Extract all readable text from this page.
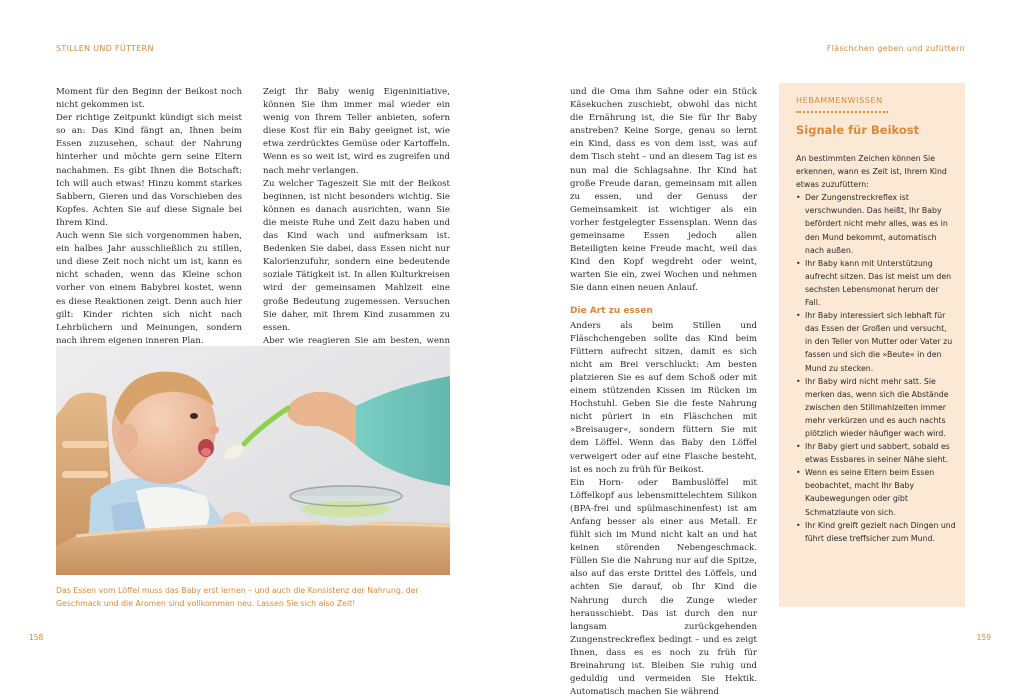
STILLEN UND FÜTTERN	Fläschchen geben und zufüttern

Moment für den Beginn der Beikost noch nicht gekommen ist.

Der richtige Zeitpunkt kündigt sich meist so an: Das Kind fängt an, Ihnen beim Essen zuzusehen, schaut der Nahrung hinterher und möchte gern seine Eltern nachahmen. Es gibt Ihnen die Botschaft: Ich will auch etwas! Hinzu kommt starkes Sabbern, Gieren und das Vorschieben des Kopfes. Achten Sie auf diese Signale bei Ihrem Kind.

Auch wenn Sie sich vorgenommen haben, ein halbes Jahr ausschließlich zu stillen, und diese Zeit noch nicht um ist, kann es nicht schaden, wenn das Kleine schon vorher von einem Babybrei kostet, wenn es diese Reaktionen zeigt. Denn auch hier gilt: Kinder richten sich nicht nach Lehrbüchern und Meinungen, sondern nach ihrem eigenen inneren Plan.

Zeigt Ihr Baby wenig Eigeninitiative, können Sie ihm immer mal wieder ein wenig von Ihrem Teller anbieten, sofern diese Kost für ein Baby geeignet ist, wie etwa zerdrücktes Gemüse oder Kartoffeln. Wenn es so weit ist, wird es zugreifen und nach mehr verlangen.

Zu welcher Tageszeit Sie mit der Beikost beginnen, ist nicht besonders wichtig. Sie können es danach ausrichten, wann Sie die meiste Ruhe und Zeit dazu haben und das Kind wach und aufmerksam ist. Bedenken Sie dabei, dass Essen nicht nur Kalorienzufuhr, sondern eine bedeutende soziale Tätigkeit ist. In allen Kulturkreisen wird der gemeinsamen Mahlzeit eine große Bedeutung zugemessen. Versuchen Sie daher, mit Ihrem Kind zusammen zu essen.

Aber wie reagieren Sie am besten, wenn

Das Essen vom Löffel muss das Baby erst lernen – und auch die Konsistenz der Nahrung, der Geschmack und die Aromen sind vollkommen neu. Lassen Sie sich also Zeit!

und die Oma ihm Sahne oder ein Stück Käsekuchen zuschiebt, obwohl das nicht die Ernährung ist, die Sie für Ihr Baby anstreben? Keine Sorge, genau so lernt ein Kind, dass es von dem isst, was auf dem Tisch steht – und an diesem Tag ist es nun mal die Schlagsahne. Ihr Kind hat große Freude daran, gemeinsam mit allen zu essen, und der Genuss der Gemeinsamkeit ist wichtiger als ein vorher festgelegter Essensplan. Wenn das gemeinsame Essen jedoch allen Beteiligten keine Freude macht, weil das Kind den Kopf wegdreht oder weint, warten Sie ein, zwei Wochen und nehmen Sie dann einen neuen Anlauf.

Die Art zu essen

Anders als beim Stillen und Fläschchengeben sollte das Kind beim Füttern aufrecht sitzen, damit es sich nicht am Brei verschluckt: Am besten platzieren Sie es auf dem Schoß oder mit einem stützenden Kissen im Rücken im Hochstuhl. Geben Sie die feste Nahrung nicht püriert in ein Fläschchen mit »Breisauger«, sondern füttern Sie mit dem Löffel. Wenn das Baby den Löffel verweigert oder auf eine Flasche besteht, ist es noch zu früh für Beikost.

Ein Horn- oder Bambuslöffel mit Löffelkopf aus lebensmittelechtem Silikon (BPA-frei und spülmaschinenfest) ist am Anfang besser als einer aus Metall. Er fühlt sich im Mund nicht kalt an und hat keinen störenden Nebengeschmack. Füllen Sie die Nahrung nur auf die Spitze, also auf das erste Drittel des Löffels, und achten Sie darauf, ob Ihr Kind die Nahrung durch die Zunge wieder herausschiebt. Das ist durch den nur langsam zurückgehenden Zungenstreckreflex bedingt – und es zeigt Ihnen, dass es es noch zu früh für Breinahrung ist. Bleiben Sie ruhig und geduldig und vermeiden Sie Hektik. Automatisch machen Sie während

HEBAMMENWISSEN
Signale für Beikost
An bestimmten Zeichen können Sie erkennen, wann es Zeit ist, Ihrem Kind etwas zuzufüttern:
• Der Zungenstreckreflex ist verschwunden. Das heißt, Ihr Baby befördert nicht mehr alles, was es in den Mund bekommt, automatisch nach außen.
• Ihr Baby kann mit Unterstützung aufrecht sitzen. Das ist meist um den sechsten Lebensmonat herum der Fall.
• Ihr Baby interessiert sich lebhaft für das Essen der Großen und versucht, in den Teller von Mutter oder Vater zu fassen und sich die »Beute« in den Mund zu stecken.
• Ihr Baby wird nicht mehr satt. Sie merken das, wenn sich die Abstände zwischen den Stillmahlzeiten immer mehr verkürzen und es auch nachts plötzlich wieder häufiger wach wird.
• Ihr Baby giert und sabbert, sobald es etwas Essbares in seiner Nähe sieht.
• Wenn es seine Eltern beim Essen beobachtet, macht Ihr Baby Kaubewegungen oder gibt Schmatzlaute von sich.
• Ihr Kind greift gezielt nach Dingen und führt diese treffsicher zum Mund.
158	159
